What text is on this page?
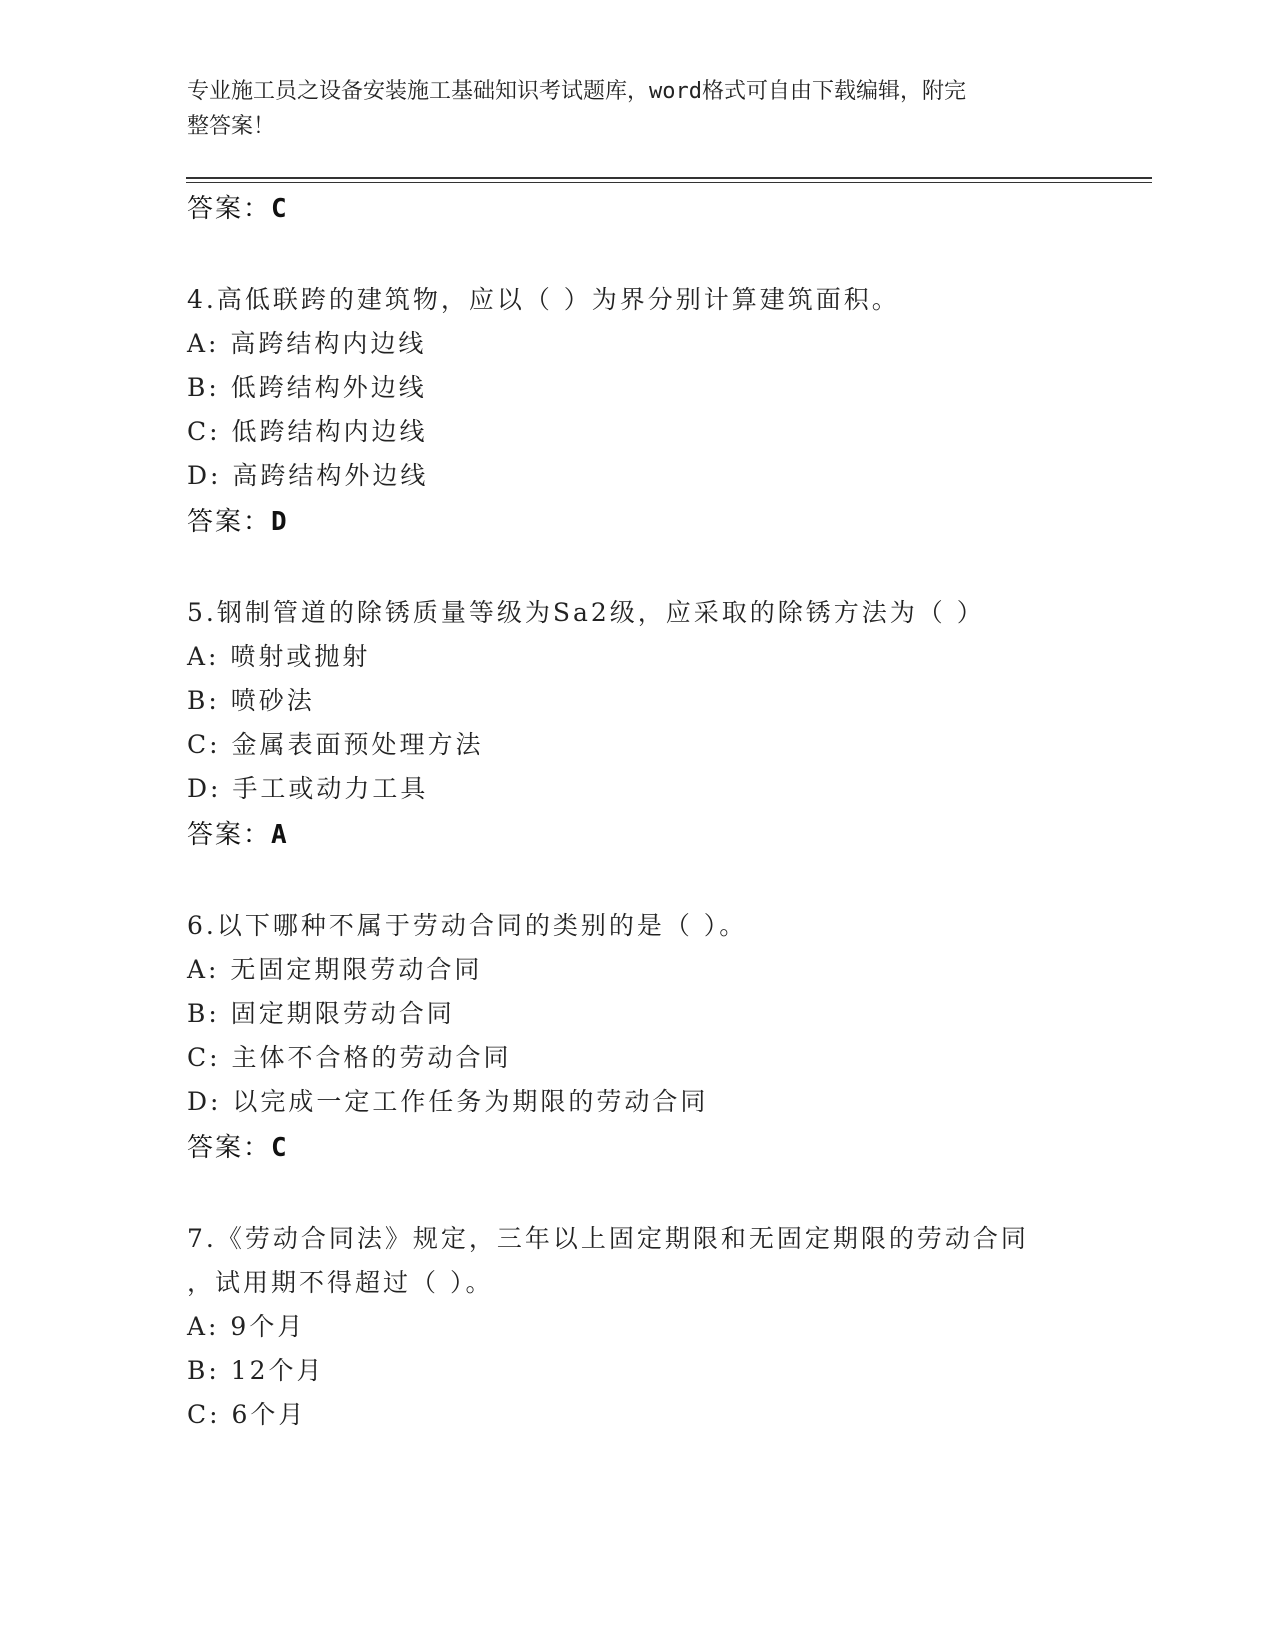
专业施工员之设备安装施工基础知识考试题库，word格式可自由下载编辑，附完
整答案！
答案：C
4.高低联跨的建筑物，应以（ ）为界分别计算建筑面积。
A: 高跨结构内边线
B: 低跨结构外边线
C: 低跨结构内边线
D: 高跨结构外边线
答案：D
5.钢制管道的除锈质量等级为Sa2级，应采取的除锈方法为（ ）
A: 喷射或抛射
B: 喷砂法
C: 金属表面预处理方法
D: 手工或动力工具
答案：A
6.以下哪种不属于劳动合同的类别的是（ ）。
A: 无固定期限劳动合同
B: 固定期限劳动合同
C: 主体不合格的劳动合同
D: 以完成一定工作任务为期限的劳动合同
答案：C
7.《劳动合同法》规定，三年以上固定期限和无固定期限的劳动合同
，试用期不得超过（ ）。
A: 9个月
B: 12个月
C: 6个月
